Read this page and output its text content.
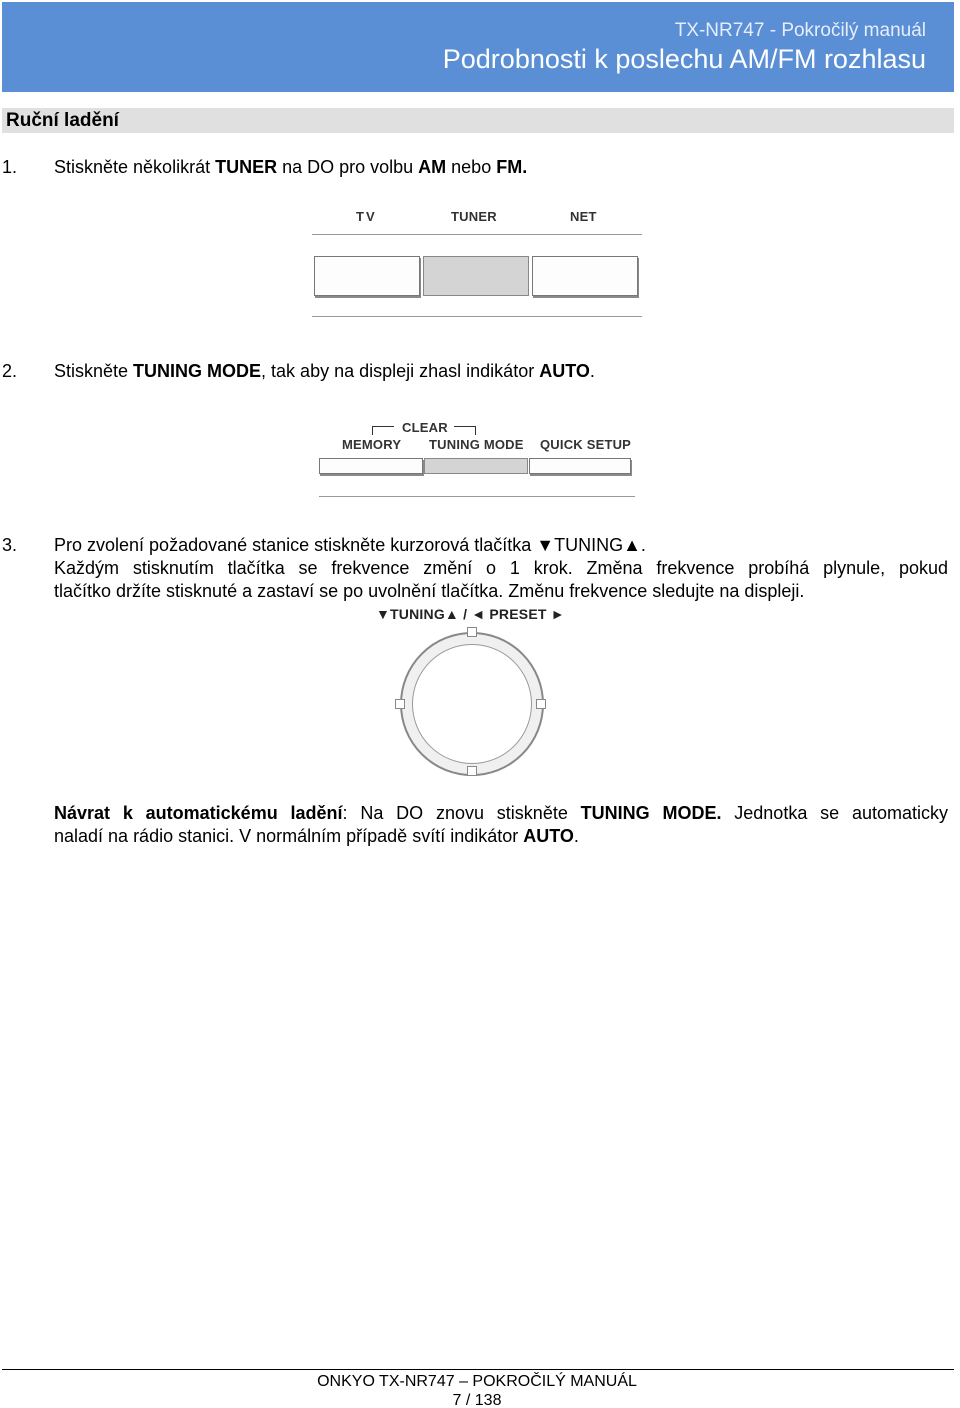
TX-NR747 - Pokročilý manuál
Podrobnosti k poslechu AM/FM rozhlasu
Ruční ladění
1. Stiskněte několikrát TUNER na DO pro volbu AM nebo FM.
TV	TUNER	NET
2. Stiskněte TUNING MODE, tak aby na displeji zhasl indikátor AUTO.
CLEAR
MEMORY TUNING MODE QUICK SETUP
3. Pro zvolení požadované stanice stiskněte kurzorová tlačítka ▼TUNING▲.
Každým stisknutím tlačítka se frekvence změní o 1 krok. Změna frekvence probíhá plynule, pokud
tlačítko držíte stisknuté a zastaví se po uvolnění tlačítka. Změnu frekvence sledujte na displeji.
▼TUNING▲ / ◄ PRESET ►
Návrat k automatickému ladění: Na DO znovu stiskněte TUNING MODE. Jednotka se automaticky
naladí na rádio stanici. V normálním případě svítí indikátor AUTO.
ONKYO TX-NR747 – POKROČILÝ MANUÁL
7 / 138
